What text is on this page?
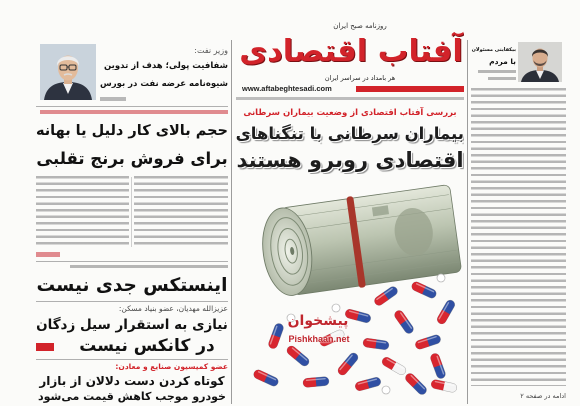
روزنامه صبح ایران
آفتاب اقتصادی
هر بامداد در سراسر ایران
www.aftabeghtesadi.com
بیکفایتی مسئولان
با مردم
ادامه در صفحه ۲
بررسی آفتاب اقتصادی از وضعیت بیماران سرطانی
بیماران سرطانی با تنگناهای
اقتصادی روبرو هستند
پیشخوان
Pishkhaan.net
وزیر نفت:
شفافیت پولی؛ هدف از تدوین
شیوه‌نامه عرضه نفت در بورس
حجم بالای کار دلیل یا بهانه
برای فروش برنج تقلبی
اینستکس جدی نیست
عزیزالله مهدیان، عضو بنیاد مسکن:
نیازی به استقرار سیل زدگان
در کانکس نیست
عضو کمیسیون صنایع و معادن:
کوتاه کردن دست دلالان از بازار
خودرو موجب کاهش قیمت می‌شود
